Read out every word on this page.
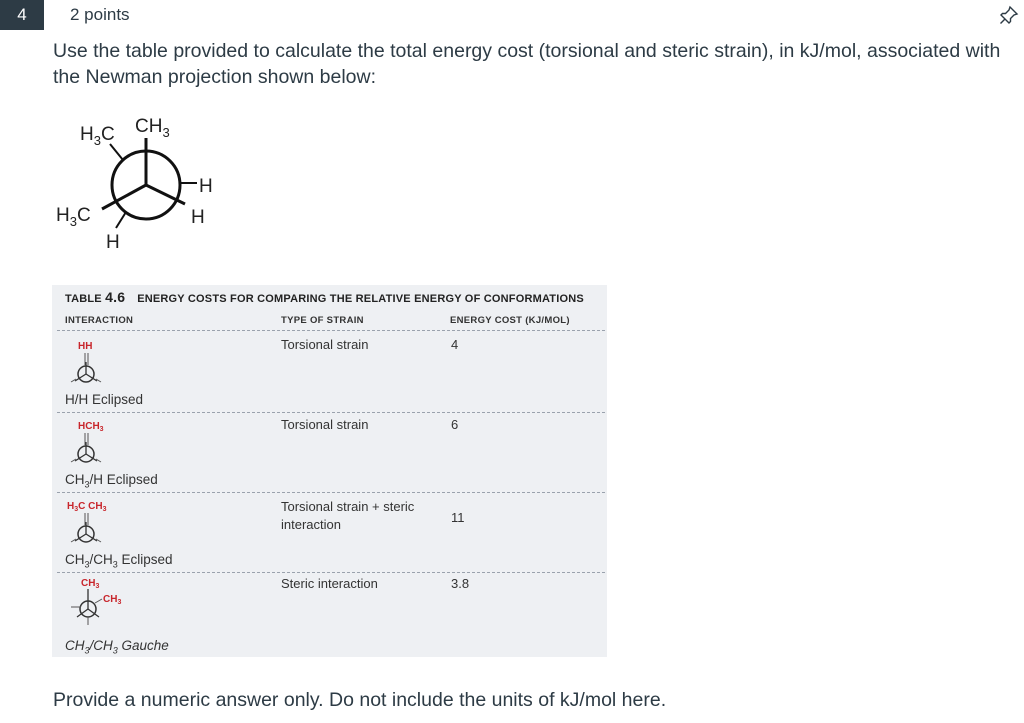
4	2 points

Use the table provided to calculate the total energy cost (torsional and steric strain), in kJ/mol, associated with the Newman projection shown below:

$H_3C$ $CH_3$
$H_3C$
H
H
H
TABLE 4.6 ENERGY COSTS FOR COMPARING THE RELATIVE ENERGY OF CONFORMATIONS
INTERACTION	TYPE OF STRAIN	ENERGY COST (KJ/MOL)
HH
H/H Eclipsed
Torsional strain	4
$HCH_3$
$CH_3/H$ Eclipsed
Torsional strain	6
$H_3C$ $CH_3$
$CH_3/CH_3$ Eclipsed
Torsional strain + steric interaction	11
$CH_3$
$CH_3$
$CH_3/CH_3$ Gauche
Steric interaction	3.8

Provide a numeric answer only. Do not include the units of kJ/mol here.
